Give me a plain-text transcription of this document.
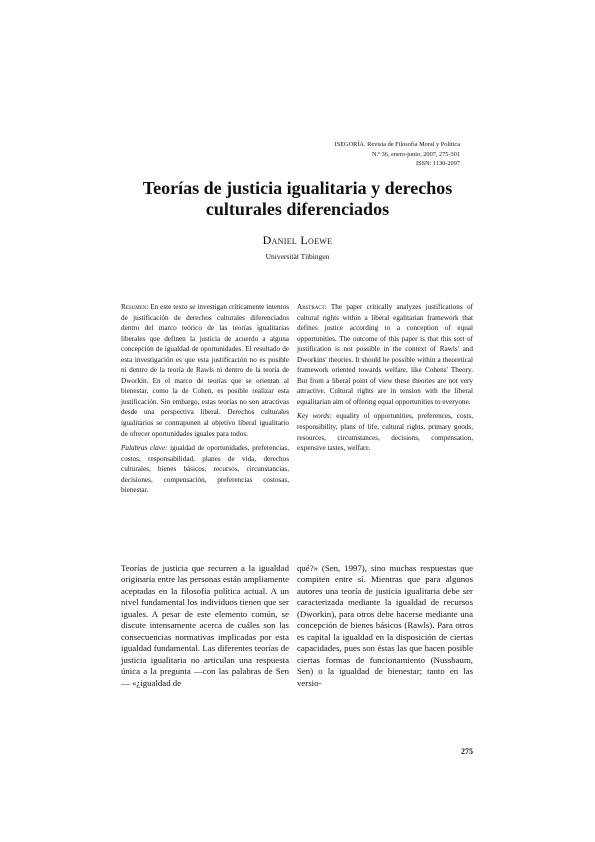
ISEGORÍA. Revista de Filosofía Moral y Política
N.º 36, enero-junio, 2007, 275-301
ISSN: 1130-2097
Teorías de justicia igualitaria y derechos
culturales diferenciados
Daniel Loewe
Universität Tübingen
Resumen: En este texto se investigan críticamente intentos de justificación de derechos culturales diferenciados dentro del marco teórico de las teorías igualitarias liberales que definen la justicia de acuerdo a alguna concepción de igualdad de oportunidades. El resultado de esta investigación es que esta justificación no es posible ni dentro de la teoría de Rawls ni dentro de la teoría de Dworkin. En el marco de teorías que se orientan al bienestar, como la de Cohen, es posible realizar esta justificación. Sin embargo, estas teorías no son atractivas desde una perspectiva liberal. Derechos culturales igualitarios se contraponen al objetivo liberal igualitario de ofrecer oportunidades iguales para todos.
Palabras clave: igualdad de oportunidades, preferencias, costos, responsabilidad, planes de vida, derechos culturales, bienes básicos, recursos, circunstancias, decisiones, compensación, preferencias costosas, bienestar.
Abstract: The paper critically analyzes justifications of cultural rights within a liberal egalitarian framework that defines justice according to a conception of equal opportunities. The outcome of this paper is that this sort of justification is not possible in the context of Rawls' and Dworkins' theories. It should be possible within a theoretical framework oriented towards welfare, like Cohens' Theory. But from a liberal point of view these theories are not very attractive. Cultural rights are in tension with the liberal equalitarian aim of offering equal opportunities to everyone.
Key words: equality of opportunities, preferences, costs, responsibility, plans of life, cultural rights, primary goods, resources, circumstances, decisions, compensation, expensive tastes, welfare.
Teorías de justicia que recurren a la igualdad originaria entre las personas están ampliamente aceptadas en la filosofía política actual. A un nivel fundamental los individuos tienen que ser iguales. A pesar de este elemento común, se discute intensamente acerca de cuáles son las consecuencias normativas implicadas por esta igualdad fundamental. Las diferentes teorías de justicia igualitaria no articulan una respuesta única a la pregunta —con las palabras de Sen— «¿igualdad de
qué?» (Sen, 1997), sino muchas respuestas que compiten entre sí. Mientras que para algunos autores una teoría de justicia igualitaria debe ser caracterizada mediante la igualdad de recursos (Dworkin), para otros debe hacerse mediante una concepción de bienes básicos (Rawls). Para otros es capital la igualdad en la disposición de ciertas capacidades, pues son éstas las que hacen posible ciertas formas de funcionamiento (Nussbaum, Sen) o la igualdad de bienestar; tanto en las versio-
275
